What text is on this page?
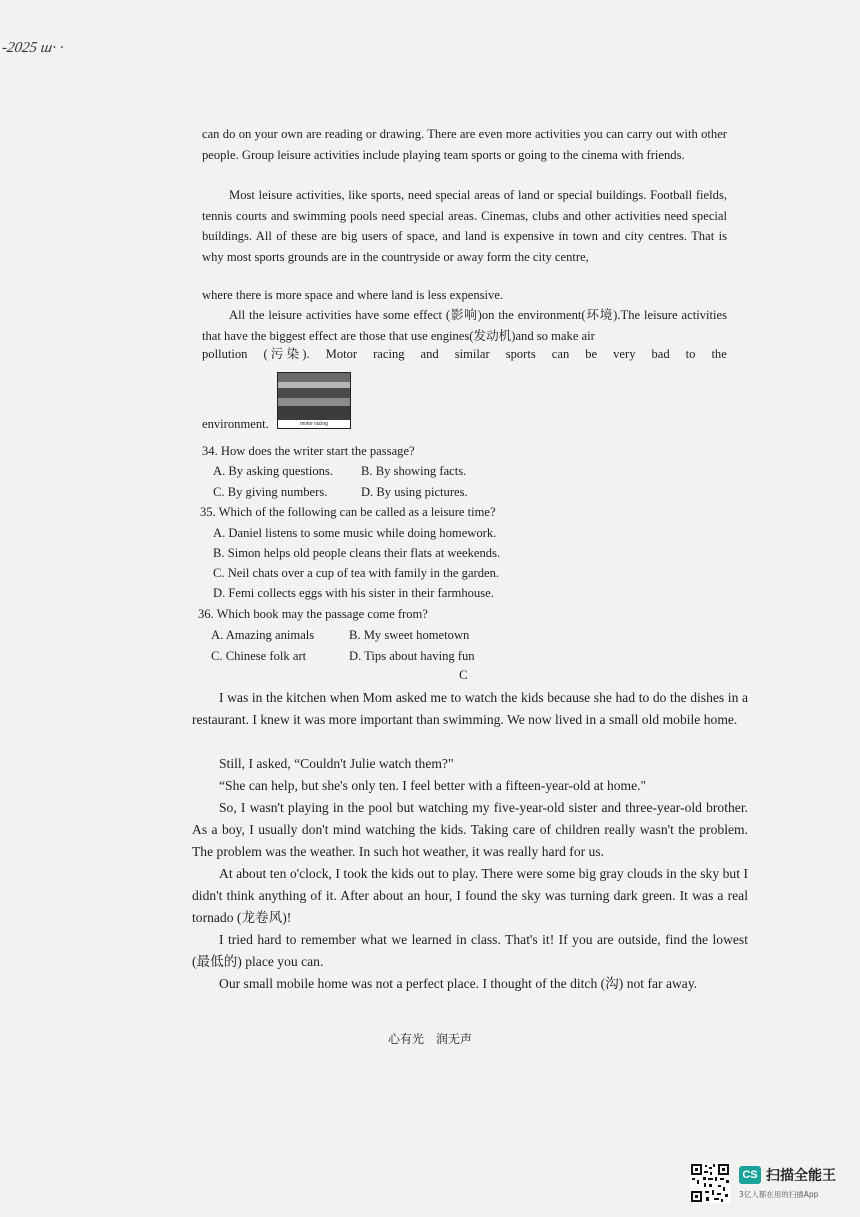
-2025 ш· ·
can do on your own are reading or drawing. There are even more activities you can carry out with other people. Group leisure activities include playing team sports or going to the cinema with friends.
Most leisure activities, like sports, need special areas of land or special buildings. Football fields, tennis courts and swimming pools need special areas. Cinemas, clubs and other activities need special buildings. All of these are big users of space, and land is expensive in town and city centres. That is why most sports grounds are in the countryside or away form the city centre,
where there is more space and where land is less expensive.
All the leisure activities have some effect (影响)on the environment(环境).The leisure activities that have the biggest effect are those that use engines(发动机)and so make air
pollution ( 污 染 ). Motor racing and similar sports can be very bad to the
environment.	motor racing
34. How does the writer start the passage?
A. By asking questions. B. By showing facts.
C. By giving numbers.	D. By using pictures.
35. Which of the following can be called as a leisure time?
A. Daniel listens to some music while doing homework.
B. Simon helps old people cleans their flats at weekends.
C. Neil chats over a cup of tea with family in the garden.
D. Femi collects eggs with his sister in their farmhouse.
36. Which book may the passage come from?
A. Amazing animals	B. My sweet hometown
C. Chinese folk art	D. Tips about having fun
C
I was in the kitchen when Mom asked me to watch the kids because she had to do the dishes in a restaurant. I knew it was more important than swimming. We now lived in a small old mobile home.
Still, I asked, “Couldn't Julie watch them?"
“She can help, but she's only ten. I feel better with a fifteen-year-old at home."
So, I wasn't playing in the pool but watching my five-year-old sister and three-year-old brother. As a boy, I usually don't mind watching the kids. Taking care of children really wasn't the problem. The problem was the weather. In such hot weather, it was really hard for us.
At about ten o'clock, I took the kids out to play. There were some big gray clouds in the sky but I didn't think anything of it. After about an hour, I found the sky was turning dark green. It was a real tornado (龙卷风)!
I tried hard to remember what we learned in class. That's it! If you are outside, find the lowest (最低的) place you can.
Our small mobile home was not a perfect place. I thought of the ditch (沟) not far away.
心有光　润无声
CS 扫描全能王
3亿人都在用的扫描App
